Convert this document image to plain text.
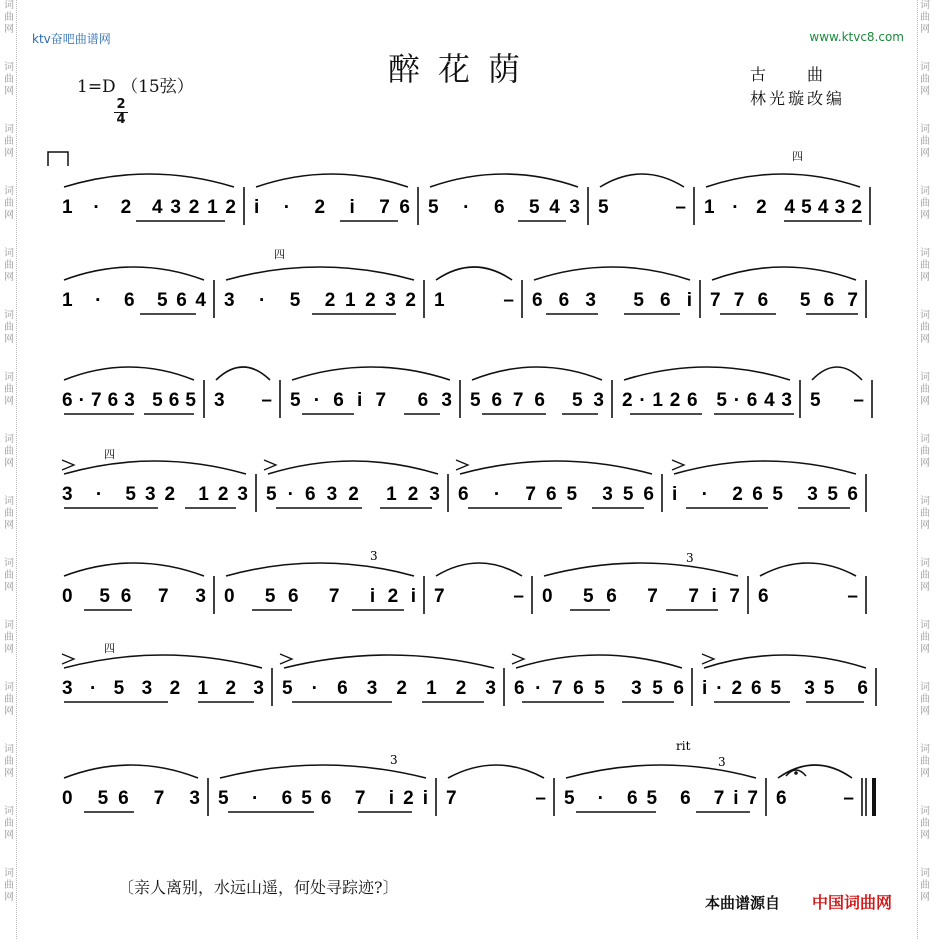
词
曲
网
词
曲
网
词
曲
网
词
曲
网
词
曲
网
词
曲
网
词
曲
网
词
曲
网
词
曲
网
词
曲
网
词
曲
网
词
曲
网
词
曲
网
词
曲
网
词
曲
网
词
曲
网
词
曲
网
词
曲
网
词
曲
网
词
曲
网
词
曲
网
词
曲
网
词
曲
网
词
曲
网
词
曲
网
词
曲
网
词
曲
网
词
曲
网
词
曲
网
词
曲
网
ktv奋吧曲谱网	www.ktvc8.com
醉花荫
1=D （15弦）
2
4
古　　曲
林光璇改编
1 · 2 43212 i · 2 i 76 5 · 6 543 5 – 1 · 2 45432
1 · 6 564 3 · 5 21232 1 – 663 56i 776 567
6·763 565 3 – 5·6i7 63 5676 53 2·126 5·643 5 –
3 · 532 123 5·632 123 6 · 765 356 i · 265 356
0 56 7 3 0 56 7 i2i 7 – 0 56 7 7i7 6 –
3 · 5 3 2 1 2 3 5 · 6 3 2 1 2 3 6·765 356 i·265 35 6
0 56 7 3 5 · 656 7 i2i 7 – 5 · 65 6 7i7 6 –
四
四
四
四
rit
3	3
3	3
〔亲人离别，水远山遥，何处寻踪迹?〕
本曲谱源自 中国词曲网
